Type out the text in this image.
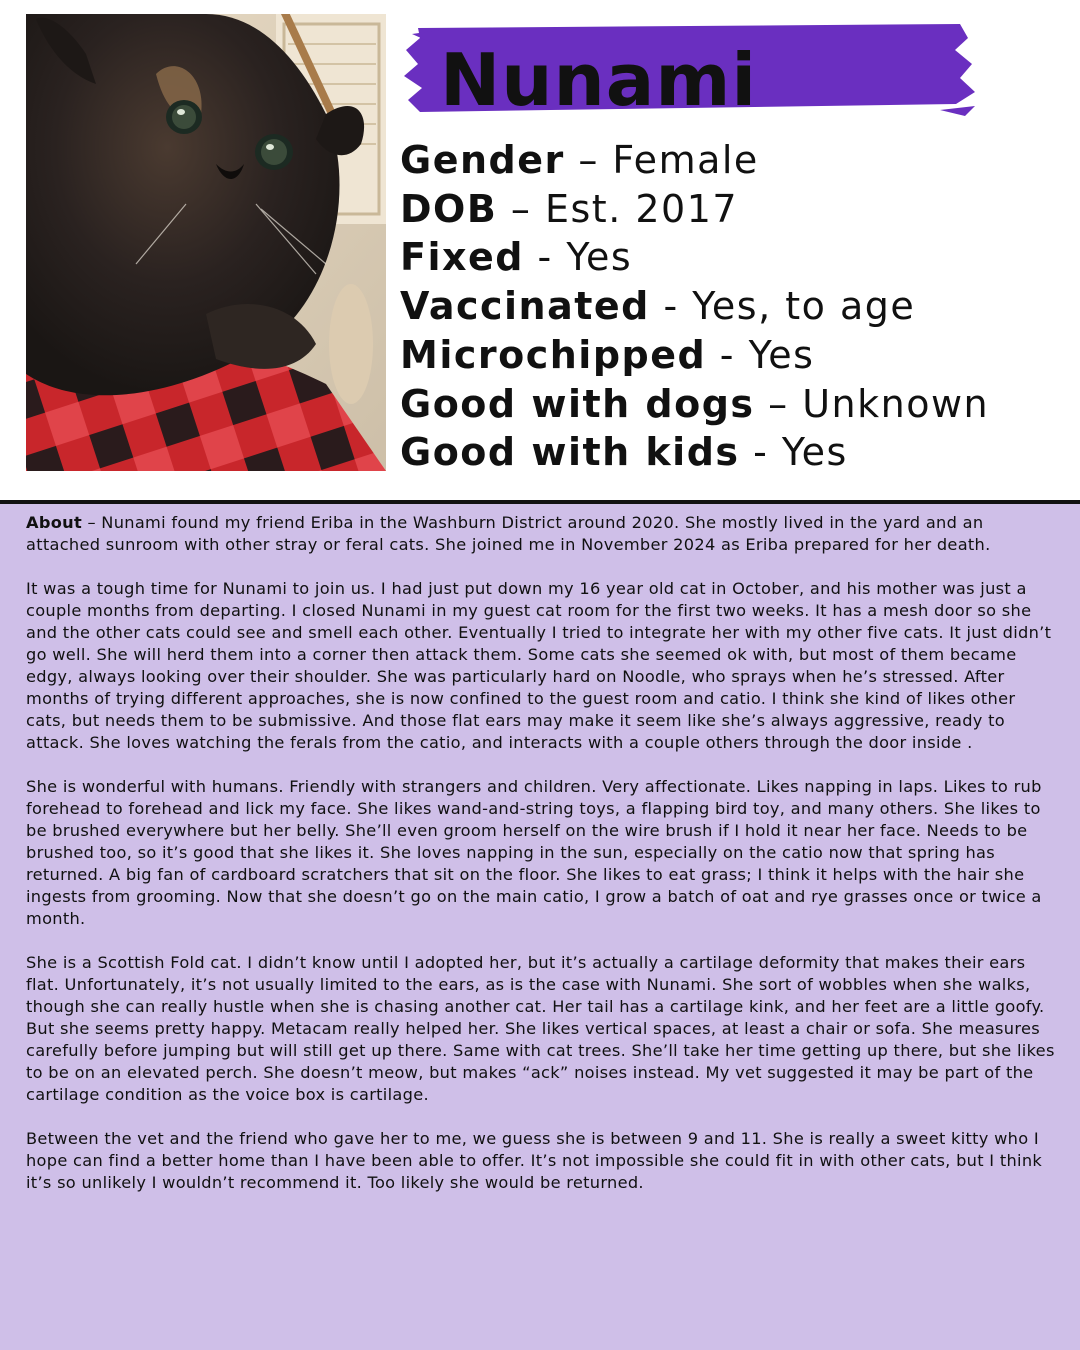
Nunami
Gender – Female
DOB – Est. 2017
Fixed - Yes
Vaccinated - Yes, to age
Microchipped - Yes
Good with dogs – Unknown
Good with kids - Yes

About – Nunami found my friend Eriba in the Washburn District around 2020. She mostly lived in the yard and an attached sunroom with other stray or feral cats. She joined me in November 2024 as Eriba prepared for her death.

It was a tough time for Nunami to join us. I had just put down my 16 year old cat in October, and his mother was just a couple months from departing. I closed Nunami in my guest cat room for the first two weeks. It has a mesh door so she and the other cats could see and smell each other. Eventually I tried to integrate her with my other five cats. It just didn’t go well. She will herd them into a corner then attack them. Some cats she seemed ok with, but most of them became edgy, always looking over their shoulder. She was particularly hard on Noodle, who sprays when he’s stressed. After months of trying different approaches, she is now confined to the guest room and catio. I think she kind of likes other cats, but needs them to be submissive. And those flat ears may make it seem like she’s always aggressive, ready to attack. She loves watching the ferals from the catio, and interacts with a couple others through the door inside .

She is wonderful with humans. Friendly with strangers and children. Very affectionate. Likes napping in laps. Likes to rub forehead to forehead and lick my face. She likes wand-and-string toys, a flapping bird toy, and many others. She likes to be brushed everywhere but her belly. She’ll even groom herself on the wire brush if I hold it near her face. Needs to be brushed too, so it’s good that she likes it. She loves napping in the sun, especially on the catio now that spring has returned. A big fan of cardboard scratchers that sit on the floor. She likes to eat grass; I think it helps with the hair she ingests from grooming. Now that she doesn’t go on the main catio, I grow a batch of oat and rye grasses once or twice a month.

She is a Scottish Fold cat. I didn’t know until I adopted her, but it’s actually a cartilage deformity that makes their ears flat. Unfortunately, it’s not usually limited to the ears, as is the case with Nunami. She sort of wobbles when she walks, though she can really hustle when she is chasing another cat. Her tail has a cartilage kink, and her feet are a little goofy. But she seems pretty happy. Metacam really helped her. She likes vertical spaces, at least a chair or sofa. She measures carefully before jumping but will still get up there. Same with cat trees. She’ll take her time getting up there, but she likes to be on an elevated perch. She doesn’t meow, but makes “ack” noises instead. My vet suggested it may be part of the cartilage condition as the voice box is cartilage.

Between the vet and the friend who gave her to me, we guess she is between 9 and 11. She is really a sweet kitty who I hope can find a better home than I have been able to offer. It’s not impossible she could fit in with other cats, but I think it’s so unlikely I wouldn’t recommend it. Too likely she would be returned.
